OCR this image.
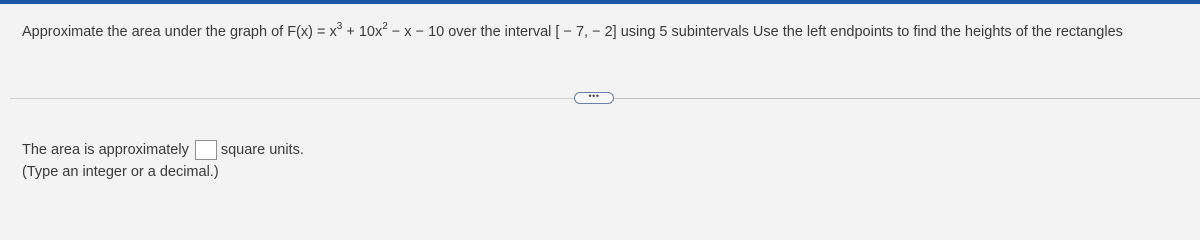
Approximate the area under the graph of $F(x) = x^3 + 10x^2 - x - 10$ over the interval [ − 7, − 2] using 5 subintervals Use the left endpoints to find the heights of the rectangles
•••
The area is approximately square units.
(Type an integer or a decimal.)
